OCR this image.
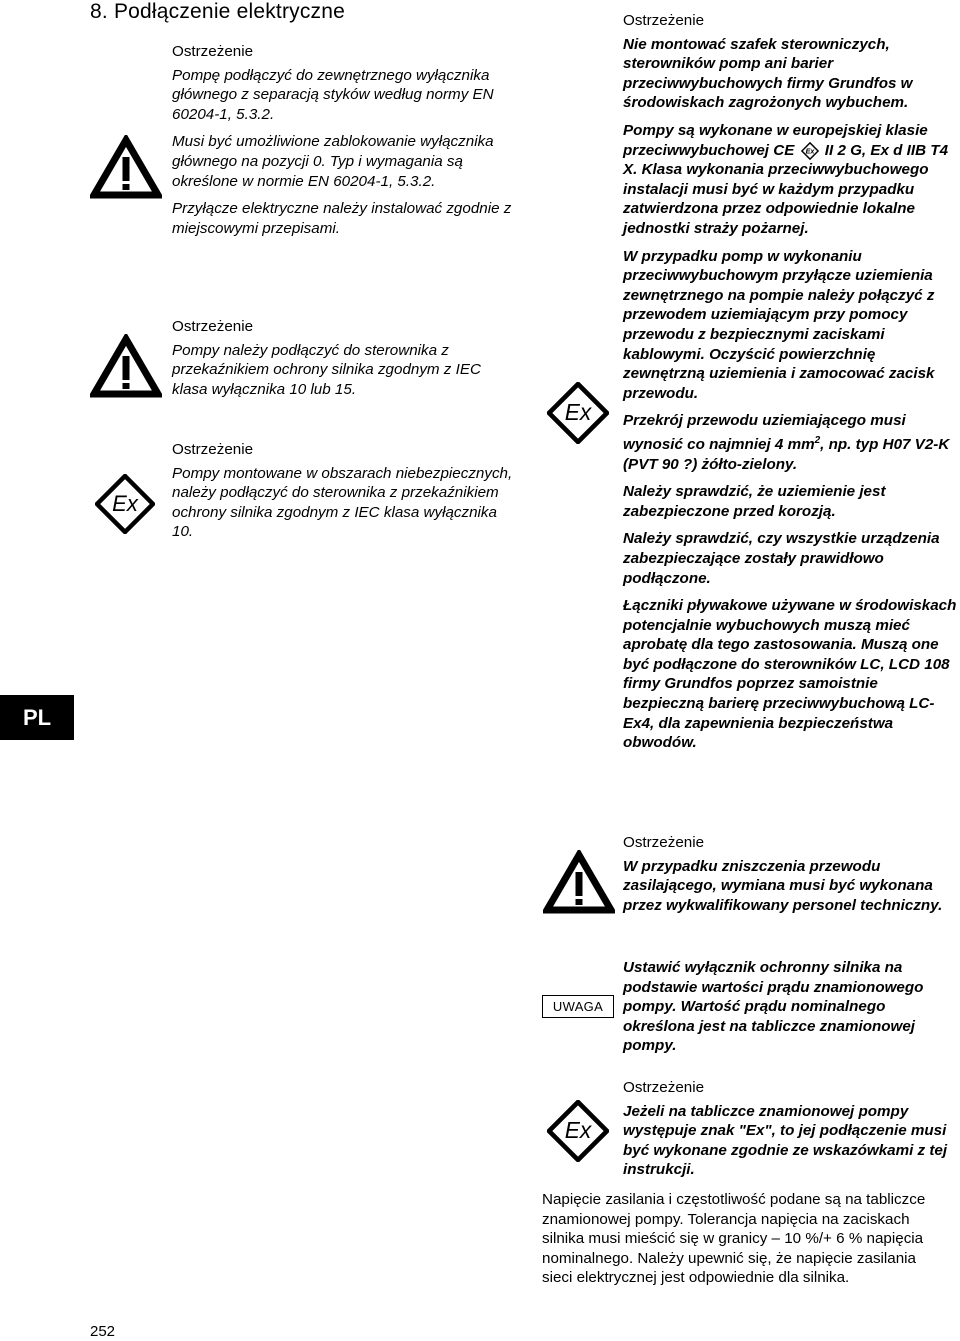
8. Podłączenie elektryczne
PL

Ostrzeżenie

Pompę podłączyć do zewnętrznego wyłącznika głównego z separacją styków według normy EN 60204-1, 5.3.2.

Musi być umożliwione zablokowanie wyłącznika głównego na pozycji 0. Typ i wymagania są określone w normie EN 60204-1, 5.3.2.

Przyłącze elektryczne należy instalować zgodnie z miejscowymi przepisami.

Ostrzeżenie

Pompy należy podłączyć do sterownika z przekaźnikiem ochrony silnika zgodnym z IEC klasa wyłącznika 10 lub 15.

Ex

Ostrzeżenie

Pompy montowane w obszarach niebezpiecznych, należy podłączyć do sterownika z przekaźnikiem ochrony silnika zgodnym z IEC klasa wyłącznika 10.

Ex

Ostrzeżenie

Nie montować szafek sterowniczych, sterowników pomp ani barier przeciwwybuchowych firmy Grundfos w środowiskach zagrożonych wybuchem.

Pompy są wykonane w europejskiej klasie przeciwwybuchowej CE Ex II 2 G, Ex d IIB T4 X. Klasa wykonania przeciwwybuchowego instalacji musi być w każdym przypadku zatwierdzona przez odpowiednie lokalne jednostki straży pożarnej.

W przypadku pomp w wykonaniu przeciwwybuchowym przyłącze uziemienia zewnętrznego na pompie należy połączyć z przewodem uziemiającym przy pomocy przewodu z bezpiecznymi zaciskami kablowymi. Oczyścić powierzchnię zewnętrzną uziemienia i zamocować zacisk przewodu.

Przekrój przewodu uziemiającego musi wynosić co najmniej 4 $mm^2$, np. typ H07 V2-K (PVT 90 ?) żółto-zielony.

Należy sprawdzić, że uziemienie jest zabezpieczone przed korozją.

Należy sprawdzić, czy wszystkie urządzenia zabezpieczające zostały prawidłowo podłączone.

Łączniki pływakowe używane w środowiskach potencjalnie wybuchowych muszą mieć aprobatę dla tego zastosowania. Muszą one być podłączone do sterowników LC, LCD 108 firmy Grundfos poprzez samoistnie bezpieczną barierę przeciwwybuchową LC-Ex4, dla zapewnienia bezpieczeństwa obwodów.

Ostrzeżenie

W przypadku zniszczenia przewodu zasilającego, wymiana musi być wykonana przez wykwalifikowany personel techniczny.

UWAGA

Ustawić wyłącznik ochronny silnika na podstawie wartości prądu znamionowego pompy. Wartość prądu nominalnego określona jest na tabliczce znamionowej pompy.

Ex

Ostrzeżenie

Jeżeli na tabliczce znamionowej pompy występuje znak "Ex", to jej podłączenie musi być wykonane zgodnie ze wskazówkami z tej instrukcji.

Napięcie zasilania i częstotliwość podane są na tabliczce znamionowej pompy. Tolerancja napięcia na zaciskach silnika musi mieścić się w granicy – 10 %/+ 6 % napięcia nominalnego. Należy upewnić się, że napięcie zasilania sieci elektrycznej jest odpowiednie dla silnika.

252
